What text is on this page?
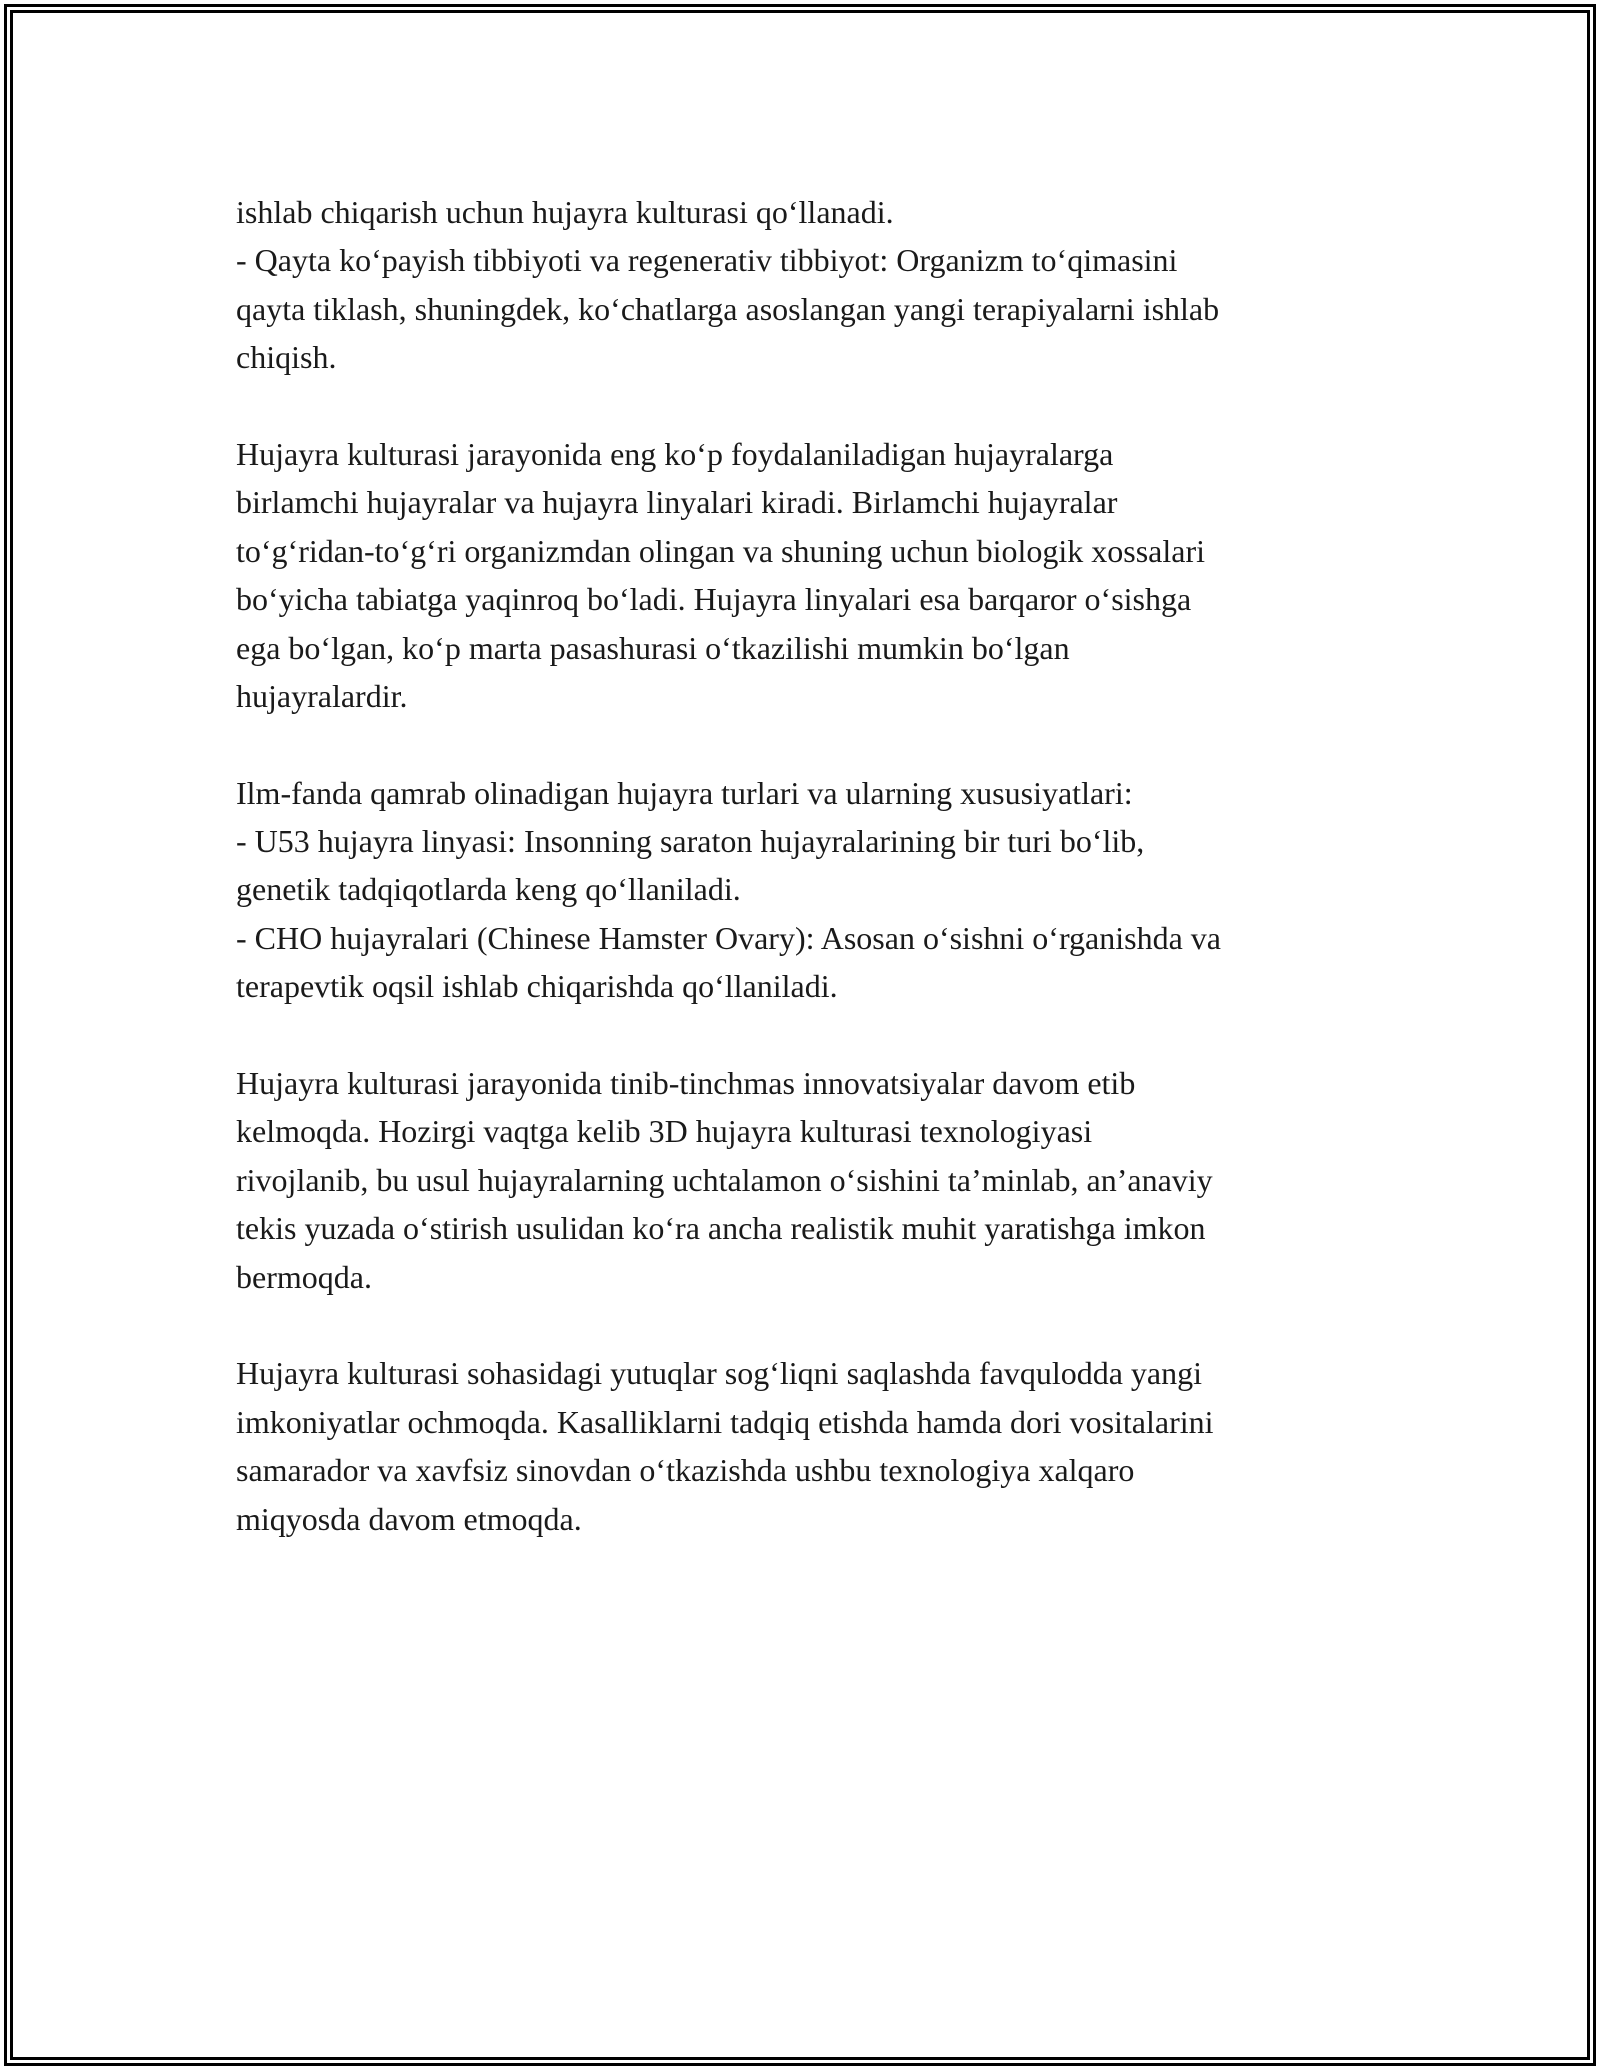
ishlab chiqarish uchun hujayra kulturasi qo‘llanadi.
- Qayta ko‘payish tibbiyoti va regenerativ tibbiyot: Organizm to‘qimasini
qayta tiklash, shuningdek, ko‘chatlarga asoslangan yangi terapiyalarni ishlab
chiqish.
Hujayra kulturasi jarayonida eng ko‘p foydalaniladigan hujayralarga
birlamchi hujayralar va hujayra linyalari kiradi. Birlamchi hujayralar
to‘g‘ridan-to‘g‘ri organizmdan olingan va shuning uchun biologik xossalari
bo‘yicha tabiatga yaqinroq bo‘ladi. Hujayra linyalari esa barqaror o‘sishga
ega bo‘lgan, ko‘p marta pasashurasi o‘tkazilishi mumkin bo‘lgan
hujayralardir.
Ilm-fanda qamrab olinadigan hujayra turlari va ularning xususiyatlari:
- U53 hujayra linyasi: Insonning saraton hujayralarining bir turi bo‘lib,
genetik tadqiqotlarda keng qo‘llaniladi.
- CHO hujayralari (Chinese Hamster Ovary): Asosan o‘sishni o‘rganishda va
terapevtik oqsil ishlab chiqarishda qo‘llaniladi.
Hujayra kulturasi jarayonida tinib-tinchmas innovatsiyalar davom etib
kelmoqda. Hozirgi vaqtga kelib 3D hujayra kulturasi texnologiyasi
rivojlanib, bu usul hujayralarning uchtalamon o‘sishini ta’minlab, an’anaviy
tekis yuzada o‘stirish usulidan ko‘ra ancha realistik muhit yaratishga imkon
bermoqda.
Hujayra kulturasi sohasidagi yutuqlar sog‘liqni saqlashda favqulodda yangi
imkoniyatlar ochmoqda. Kasalliklarni tadqiq etishda hamda dori vositalarini
samarador va xavfsiz sinovdan o‘tkazishda ushbu texnologiya xalqaro
miqyosda davom etmoqda.
